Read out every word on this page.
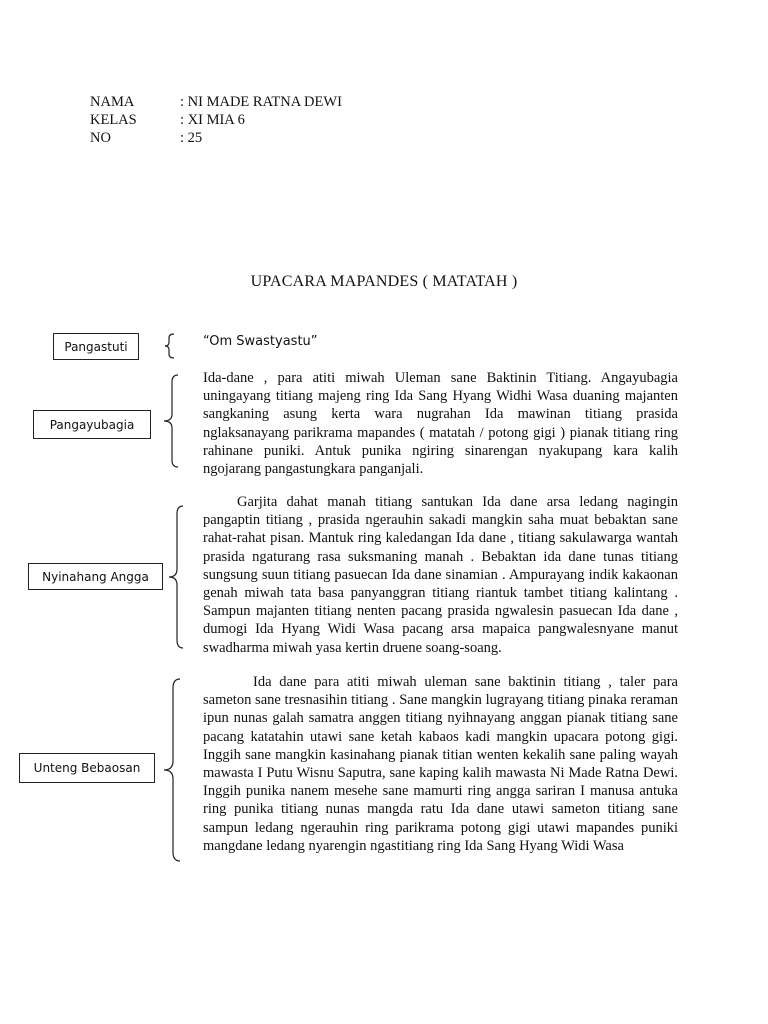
NAMA	: NI MADE RATNA DEWI
KELAS	: XI MIA 6
NO	: 25
UPACARA MAPANDES ( MATATAH )
Pangastuti	“Om Swastyastu”
Pangayubagia

Ida-dane , para atiti miwah Uleman sane Baktinin Titiang. Angayubagia uningayang titiang majeng ring Ida Sang Hyang Widhi Wasa duaning majanten sangkaning asung kerta wara nugrahan Ida mawinan titiang prasida nglaksanayang parikrama mapandes ( matatah / potong gigi ) pianak titiang ring rahinane puniki. Antuk punika ngiring sinarengan nyakupang kara kalih ngojarang pangastungkara panganjali.

Nyinahang Angga

Garjita dahat manah titiang santukan Ida dane arsa ledang nagingin pangaptin titiang , prasida ngerauhin sakadi mangkin saha muat bebaktan sane rahat-rahat pisan. Mantuk ring kaledangan Ida dane , titiang sakulawarga wantah prasida ngaturang rasa suksmaning manah . Bebaktan ida dane tunas titiang sungsung suun titiang pasuecan Ida dane sinamian . Ampurayang indik kakaonan genah miwah tata basa panyanggran titiang riantuk tambet titiang kalintang . Sampun majanten titiang nenten pacang prasida ngwalesin pasuecan Ida dane , dumogi Ida Hyang Widi Wasa pacang arsa mapaica pangwalesnyane manut swadharma miwah yasa kertin druene soang-soang.

Unteng Bebaosan

Ida dane para atiti miwah uleman sane baktinin titiang , taler para sameton sane tresnasihin titiang . Sane mangkin lugrayang titiang pinaka reraman ipun nunas galah samatra anggen titiang nyihnayang anggan pianak titiang sane pacang katatahin utawi sane ketah kabaos kadi mangkin upacara potong gigi. Inggih sane mangkin kasinahang pianak titian wenten kekalih sane paling wayah mawasta I Putu Wisnu Saputra, sane kaping kalih mawasta Ni Made Ratna Dewi. Inggih punika nanem mesehe sane mamurti ring angga sariran I manusa antuka ring punika titiang nunas mangda ratu Ida dane utawi sameton titiang sane sampun ledang ngerauhin ring parikrama potong gigi utawi mapandes puniki mangdane ledang nyarengin ngastitiang ring Ida Sang Hyang Widi Wasa
